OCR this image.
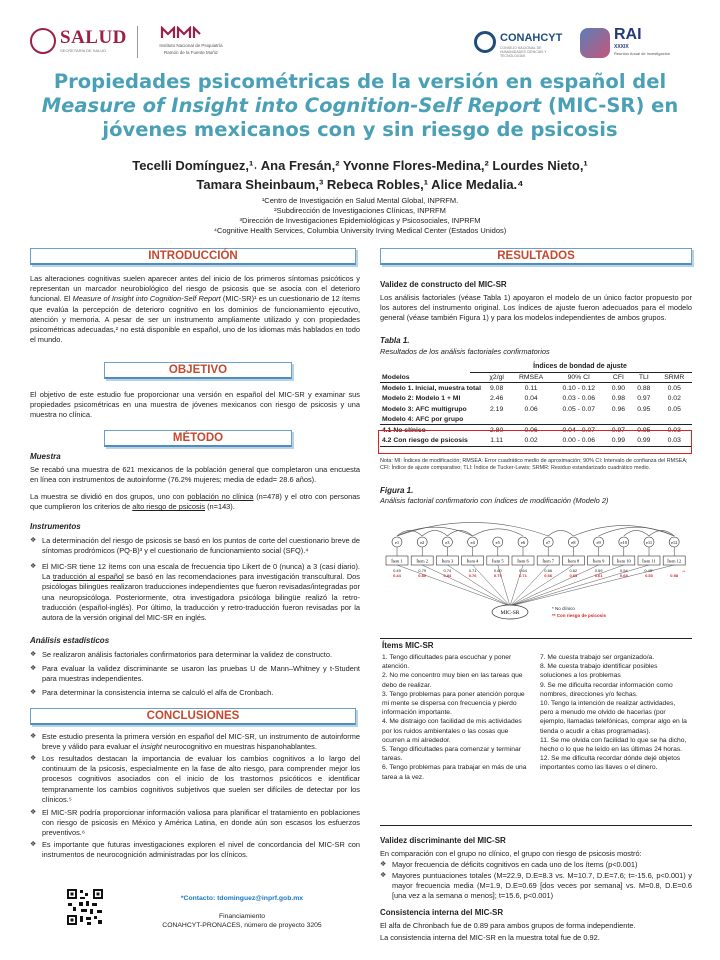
SALUD
SECRETARÍA DE SALUD
Instituto Nacional de Psiquiatría
Ramón de la Fuente Muñiz
CONAHCYT
CONSEJO NACIONAL DE HUMANIDADES CIENCIAS Y TECNOLOGÍAS
RAI
XXXIX
Reunión Anual de Investigación
Propiedades psicométricas de la versión en español del Measure of Insight into Cognition-Self Report (MIC-SR) en jóvenes mexicanos con y sin riesgo de psicosis
Tecelli Domínguez,¹˒ Ana Fresán,² Yvonne Flores-Medina,² Lourdes Nieto,¹
Tamara Sheinbaum,³ Rebeca Robles,¹ Alice Medalia.⁴
¹Centro de Investigación en Salud Mental Global, INPRFM.
²Subdirección de Investigaciones Clínicas, INPRFM
³Dirección de Investigaciones Epidemiológicas y Psicosociales, INPRFM
⁴Cognitive Health Services, Columbia University Irving Medical Center (Estados Unidos)
INTRODUCCIÓN
Las alteraciones cognitivas suelen aparecer antes del inicio de los primeros síntomas psicóticos y representan un marcador neurobiológico del riesgo de psicosis que se asocia con el deterioro funcional. El Measure of Insight into Cognition-Self Report (MIC-SR)¹ es un cuestionario de 12 ítems que evalúa la percepción de deterioro cognitivo en los dominios de funcionamiento ejecutivo, atención y memoria. A pesar de ser un instrumento ampliamente utilizado y con propiedades psicométricas adecuadas,² no está disponible en español, uno de los idiomas más hablados en todo el mundo.
OBJETIVO
El objetivo de este estudio fue proporcionar una versión en español del MIC-SR y examinar sus propiedades psicométricas en una muestra de jóvenes mexicanos con riesgo de psicosis y una muestra no clínica.
MÉTODO
Muestra
Se recabó una muestra de 621 mexicanos de la población general que completaron una encuesta en línea con instrumentos de autoinforme (76.2% mujeres; media de edad= 28.6 años).
La muestra se dividió en dos grupos, uno con población no clínica (n=478) y el otro con personas que cumplieron los criterios de alto riesgo de psicosis (n=143).
Instrumentos
❖ La determinación del riesgo de psicosis se basó en los puntos de corte del cuestionario breve de síntomas prodrómicos (PQ-B)³ y el cuestionario de funcionamiento social (SFQ).⁴
❖ El MIC-SR tiene 12 ítems con una escala de frecuencia tipo Likert de 0 (nunca) a 3 (casi diario). La traducción al español se basó en las recomendaciones para investigación transcultural. Dos psicólogas bilingües realizaron traducciones independientes que fueron revisadas/integradas por una neuropsicóloga. Posteriormente, otra investigadora psicóloga bilingüe realizó la retro-traducción (español-inglés). Por último, la traducción y retro-traducción fueron revisadas por la autora de la versión original del MIC-SR en inglés.
Análisis estadísticos
❖ Se realizaron análisis factoriales confirmatorios para determinar la validez de constructo.
❖ Para evaluar la validez discriminante se usaron las pruebas U de Mann–Whitney y t-Student para muestras independientes.
❖ Para determinar la consistencia interna se calculó el alfa de Cronbach.
CONCLUSIONES
❖ Este estudio presenta la primera versión en español del MIC-SR, un instrumento de autoinforme breve y válido para evaluar el insight neurocognitivo en muestras hispanohablantes.
❖ Los resultados destacan la importancia de evaluar los cambios cognitivos a lo largo del continuum de la psicosis, especialmente en la fase de alto riesgo, para comprender mejor los procesos cognitivos asociados con el inicio de los trastornos psicóticos e identificar tempranamente los cambios cognitivos subjetivos que suelen ser difíciles de detectar por los clínicos.⁵
❖ El MIC-SR podría proporcionar información valiosa para planificar el tratamiento en poblaciones con riesgo de psicosis en México y América Latina, en donde aún son escasos los esfuerzos preventivos.⁶
❖ Es importante que futuras investigaciones exploren el nivel de concordancia del MIC-SR con instrumentos de neurocognición administradas por los clínicos.
*Contacto: tdominguez@inprf.gob.mx
Financiamiento
CONAHCYT-PRONACES, número de proyecto 3205
RESULTADOS
Validez de constructo del MIC-SR
Los análisis factoriales (véase Tabla 1) apoyaron el modelo de un único factor propuesto por los autores del instrumento original. Los índices de ajuste fueron adecuados para el modelo general (véase también Figura 1) y para los modelos independientes de ambos grupos.
Tabla 1.
Resultados de los análisis factoriales confirmatorios
Índices de bondad de ajuste
Modelos	χ2/gl	RMSEA	90% CI	CFI	TLI	SRMR
Modelo 1. Inicial, muestra total	9.08	0.11	0.10 - 0.12	0.90	0.88	0.05
Modelo 2: Modelo 1 + MI	2.46	0.04	0.03 - 0.06	0.98	0.97	0.02
Modelo 3: AFC multigrupo	2.19	0.06	0.05 - 0.07	0.96	0.95	0.05
Modelo 4: AFC por grupo						
4.1 No clínico	2.80	0.06	0.04 - 0.07	0.97	0.95	0.03
4.2 Con riesgo de psicosis	1.11	0.02	0.00 - 0.06	0.99	0.99	0.03
Nota: MI: Índices de modificación; RMSEA: Error cuadrático medio de aproximación; 90% CI: Intervalo de confianza del RMSEA; CFI: Índice de ajuste comparativo; TLI: Índice de Tucker-Lewis; SRMR: Residuo estandarizado cuadrático medio.
Figura 1.
Análisis factorial confirmatorio con índices de modificación (Modelo 2)
e1	e2	e3	e4	e5	e6	e7	e8	e9	e10	e11	e12
Ítem 1	Ítem 2	Ítem 3	Ítem 4	Ítem 5	Ítem 6	Ítem 7	Ítem 8	Ítem 9	Ítem 10	Ítem 11	Ítem 12
0.49	0.79	0.74	0.71	0.80	0.64	0.66	0.62	0.59	0.54	0.48*
0.44	0.80	0.84	0.76	0.75	0.71	0.66	0.63	0.61	0.68	0.53	0.58
**
MIC-SR
* No clínico
** Con riesgo de psicosis
Ítems MIC-SR

1. Tengo dificultades para escuchar y poner atención.

2. No me concentro muy bien en las tareas que debo de realizar.

3. Tengo problemas para poner atención porque mi mente se dispersa con frecuencia y pierdo información importante.

4. Me distraigo con facilidad de mis actividades por los ruidos ambientales o las cosas que ocurren a mi alrededor.

5. Tengo dificultades para comenzar y terminar tareas.

6. Tengo problemas para trabajar en más de una tarea a la vez.

7. Me cuesta trabajo ser organizado/a.

8. Me cuesta trabajo identificar posibles soluciones a los problemas

9. Se me dificulta recordar información como nombres, direcciones y/o fechas.

10. Tengo la intención de realizar actividades, pero a menudo me olvido de hacerlas (por ejemplo, llamadas telefónicas, comprar algo en la tienda o acudir a citas programadas).

11. Se me olvida con facilidad lo que se ha dicho, hecho o lo que he leído en las últimas 24 horas.

12. Se me dificulta recordar dónde dejé objetos importantes como las llaves o el dinero.

Validez discriminante del MIC-SR
En comparación con el grupo no clínico, el grupo con riesgo de psicosis mostró:
❖ Mayor frecuencia de déficits cognitivos en cada uno de los ítems (p<0.001)
❖ Mayores puntuaciones totales (M=22.9, D.E=8.3 vs. M=10.7, D.E=7.6; t=-15.6, p<0.001) y mayor frecuencia media (M=1.9, D.E=0.69 [dos veces por semana] vs. M=0.8, D.E=0.6 [una vez a la semana o menos]; t=15.6, p<0.001)
Consistencia interna del MIC-SR
El alfa de Chronbach fue de 0.89 para ambos grupos de forma independiente.
La consistencia interna del MIC-SR en la muestra total fue de 0.92.
